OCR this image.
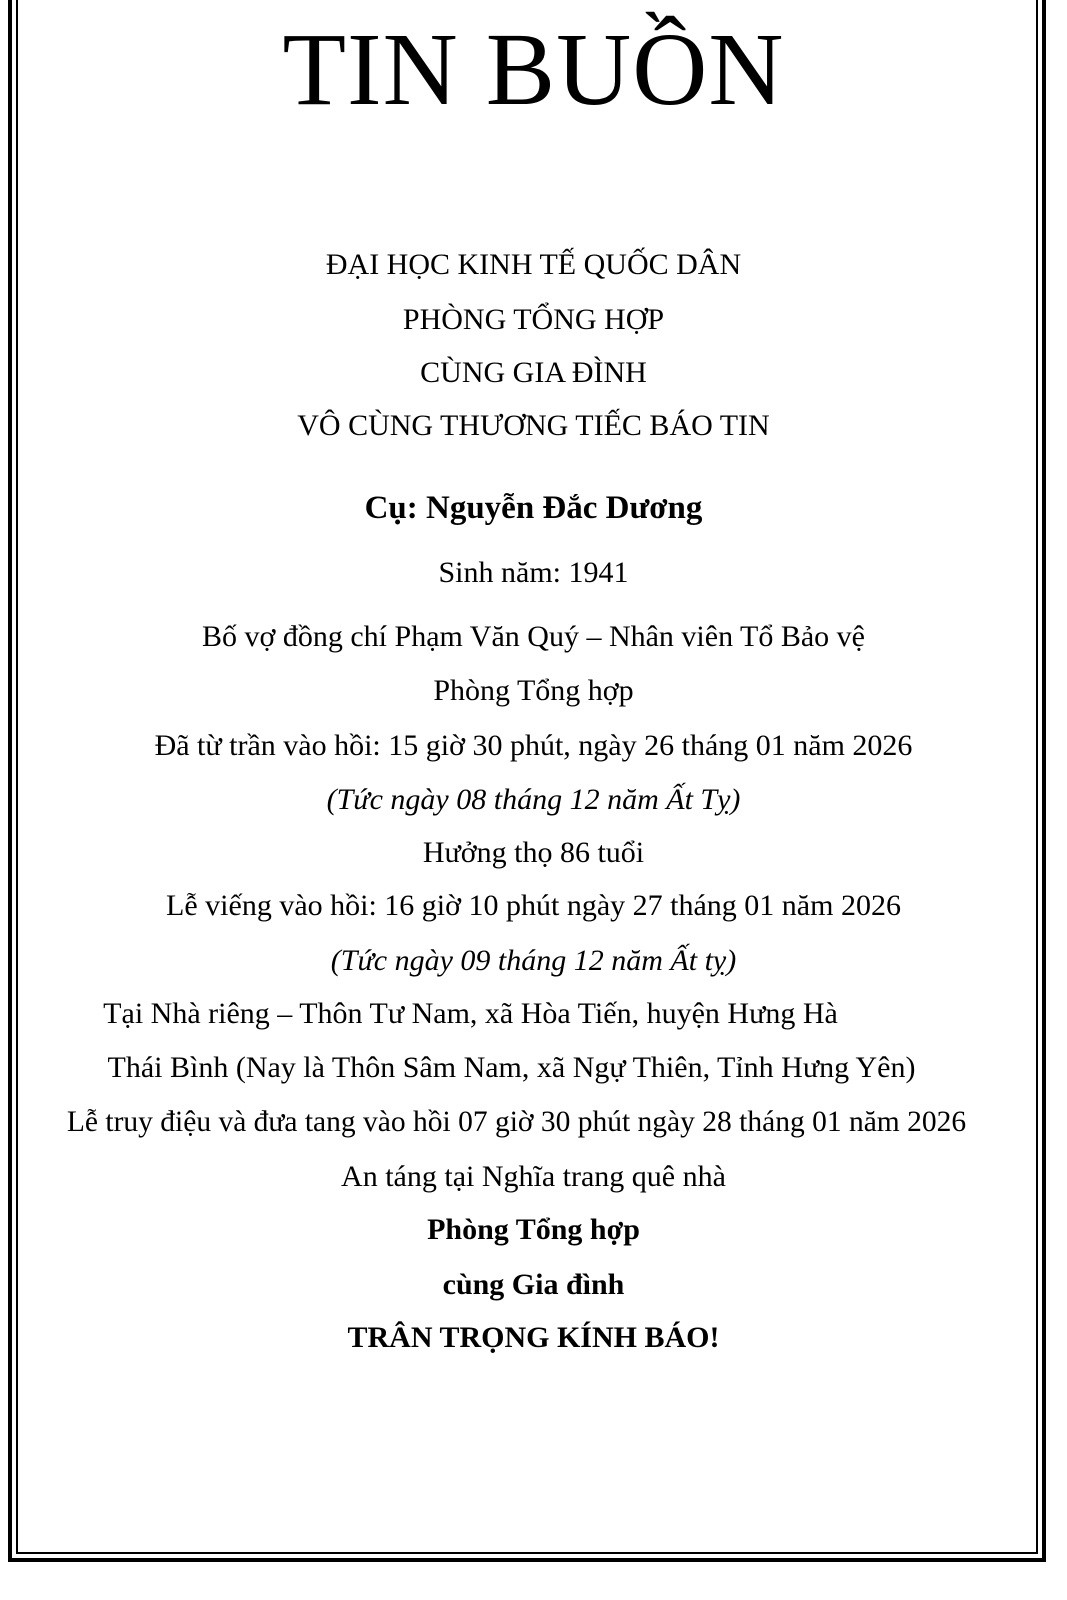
TIN BUỒN
ĐẠI HỌC KINH TẾ QUỐC DÂN
PHÒNG TỔNG HỢP
CÙNG GIA ĐÌNH
VÔ CÙNG THƯƠNG TIẾC BÁO TIN
Cụ: Nguyễn Đắc Dương
Sinh năm: 1941
Bố vợ đồng chí Phạm Văn Quý – Nhân viên Tổ Bảo vệ
Phòng Tổng hợp
Đã từ trần vào hồi: 15 giờ 30 phút, ngày 26 tháng 01 năm 2026
(Tức ngày 08 tháng 12 năm Ất Tỵ)
Hưởng thọ 86 tuổi
Lễ viếng vào hồi: 16 giờ 10 phút ngày 27 tháng 01 năm 2026
(Tức ngày 09 tháng 12 năm Ất tỵ)
Tại Nhà riêng – Thôn Tư Nam, xã Hòa Tiến, huyện Hưng Hà
Thái Bình (Nay là Thôn Sâm Nam, xã Ngự Thiên, Tỉnh Hưng Yên)
Lễ truy điệu và đưa tang vào hồi 07 giờ 30 phút ngày 28 tháng 01 năm 2026
An táng tại Nghĩa trang quê nhà
Phòng Tổng hợp
cùng Gia đình
TRÂN TRỌNG KÍNH BÁO!
